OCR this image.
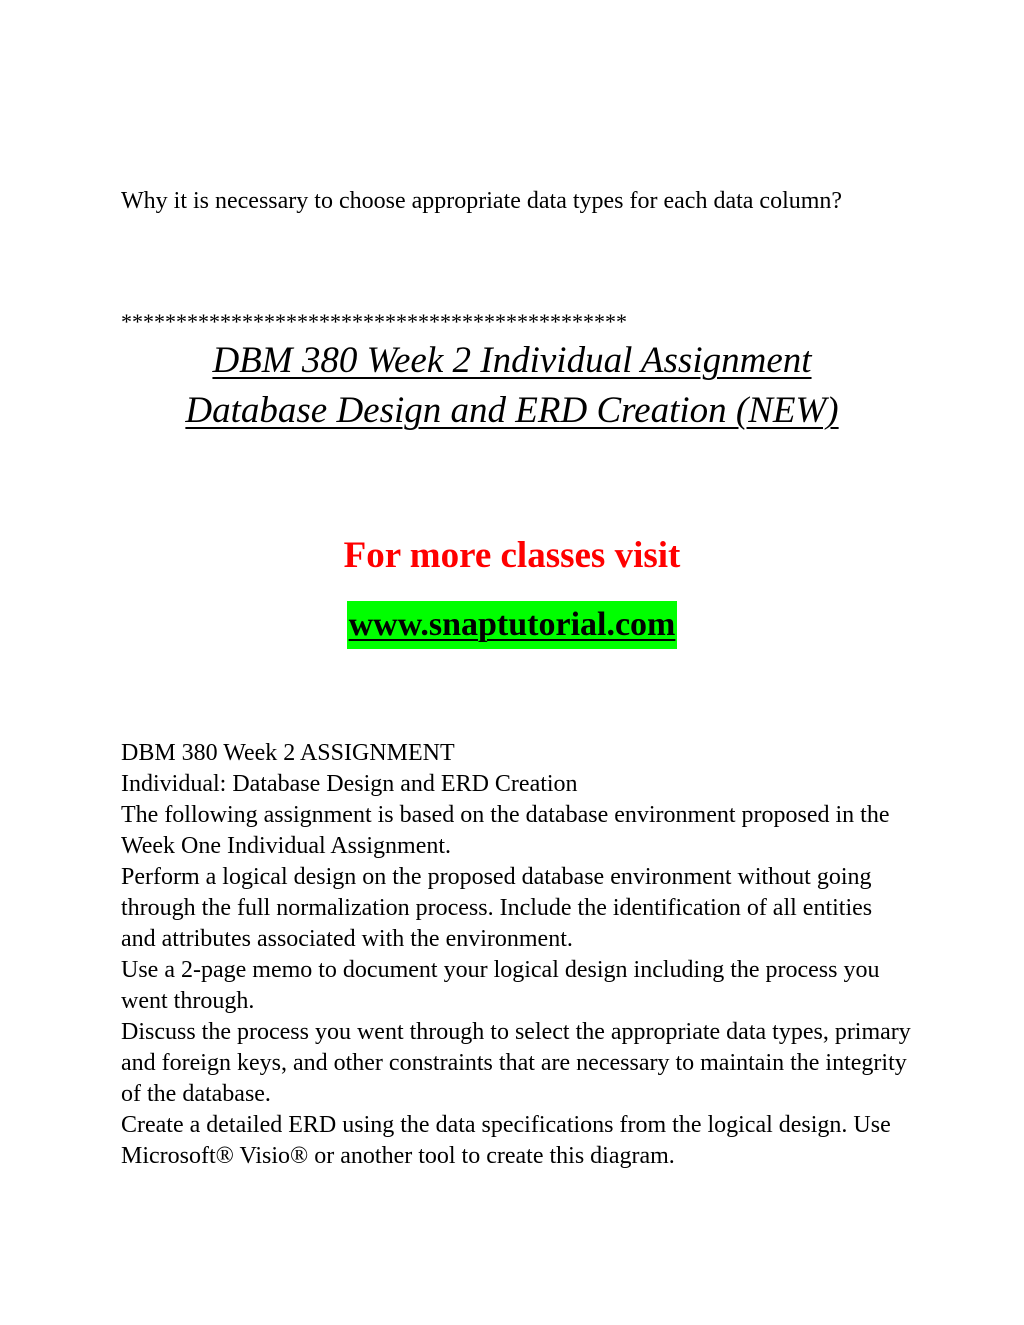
Why it is necessary to choose appropriate data types for each data column?

**********************************************

DBM 380 Week 2 Individual Assignment
Database Design and ERD Creation (NEW)

For more classes visit

www.snaptutorial.com

DBM 380 Week 2 ASSIGNMENT

Individual: Database Design and ERD Creation

The following assignment is based on the database environment proposed in the Week One Individual Assignment.

Perform a logical design on the proposed database environment without going through the full normalization process. Include the identification of all entities and attributes associated with the environment.

Use a 2-page memo to document your logical design including the process you went through.

Discuss the process you went through to select the appropriate data types, primary and foreign keys, and other constraints that are necessary to maintain the integrity of the database.

Create a detailed ERD using the data specifications from the logical design. Use Microsoft® Visio® or another tool to create this diagram.
